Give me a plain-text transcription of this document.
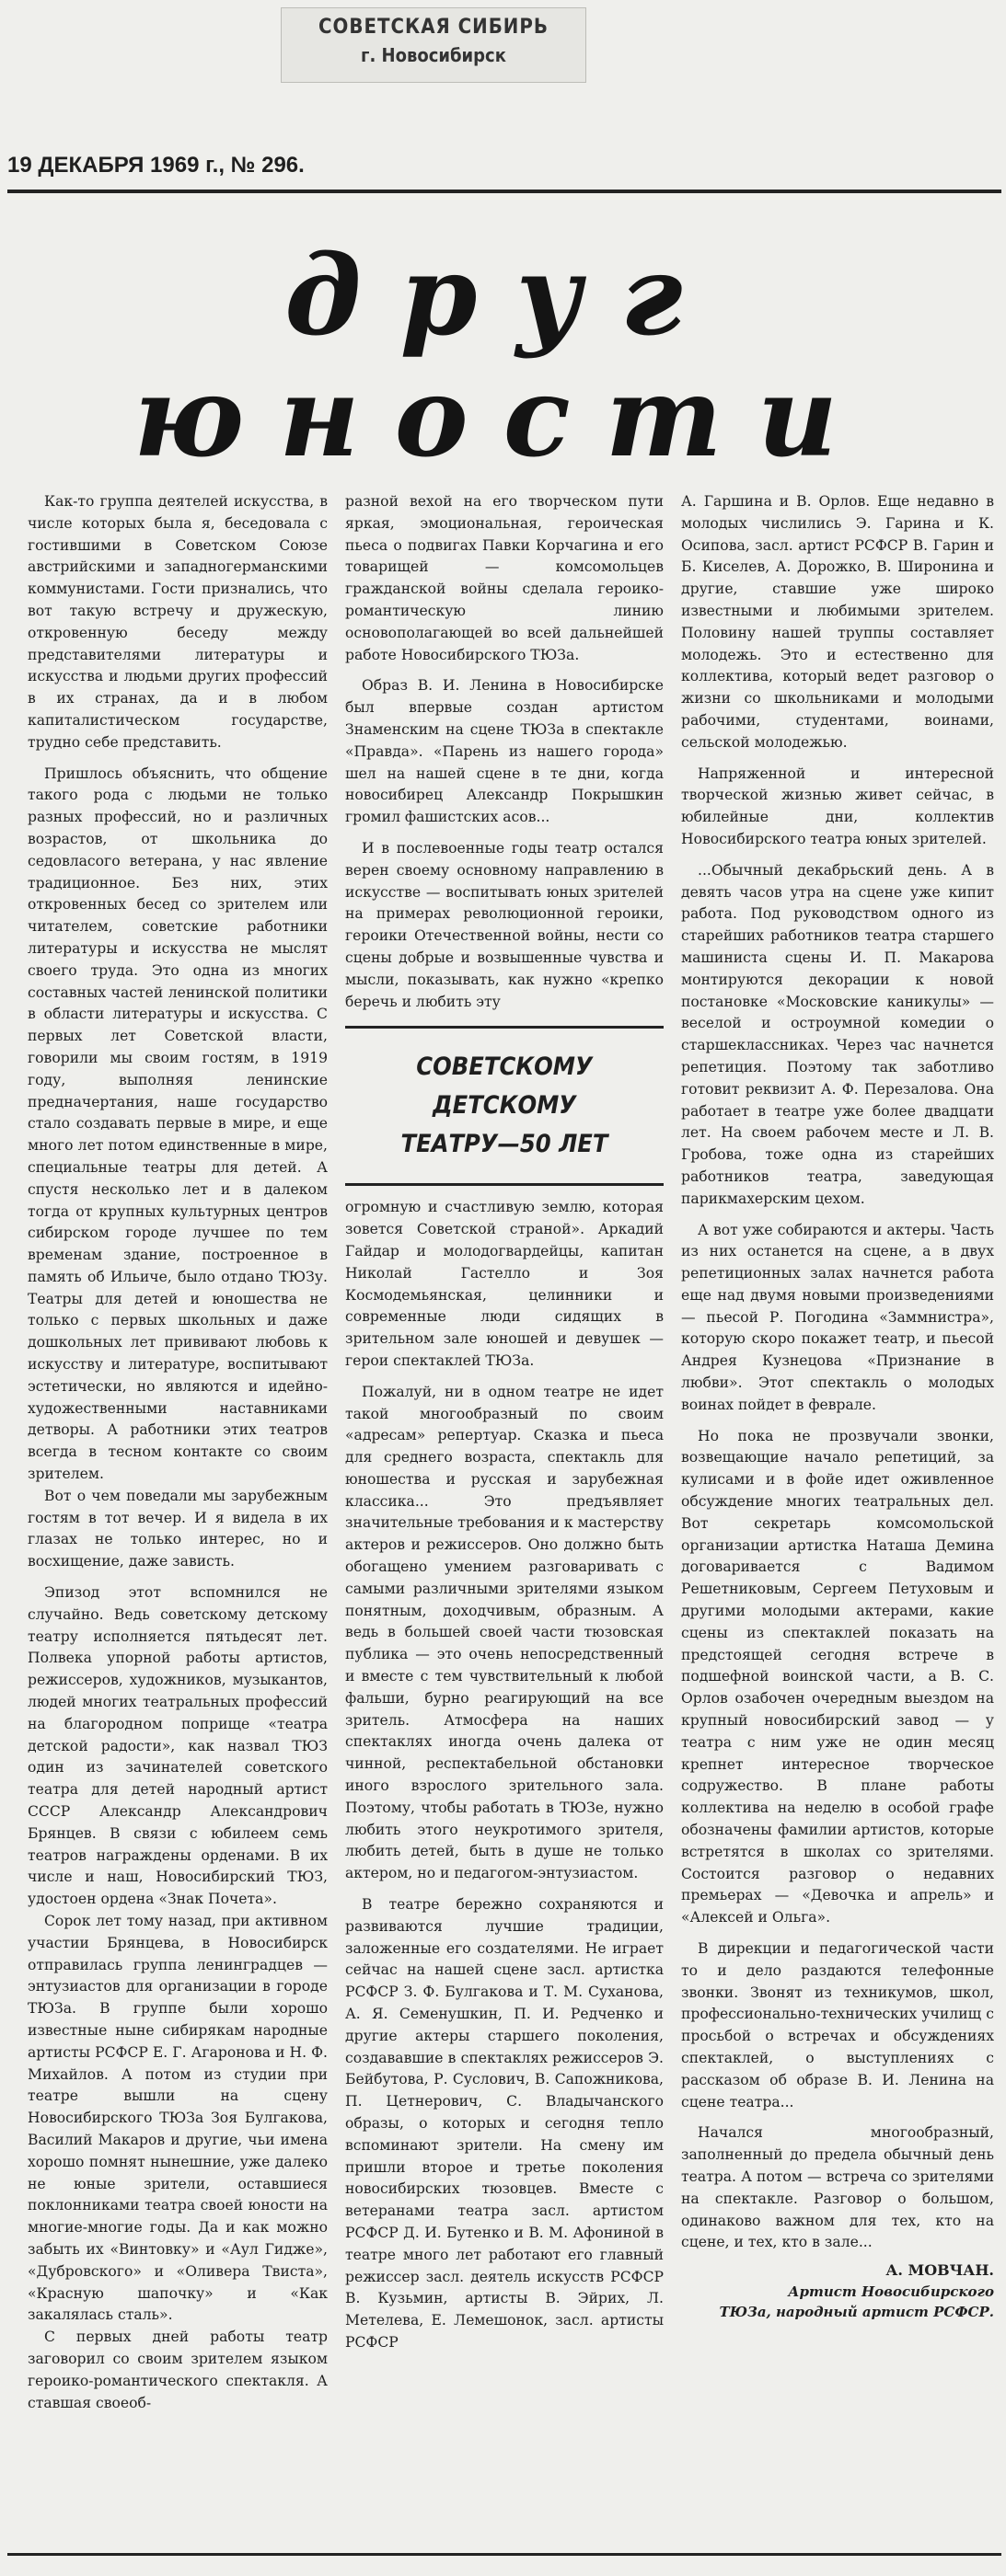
СОВЕТСКАЯ СИБИРЬ
г. Новосибирск
19 ДЕКАБРЯ 1969 г., № 296.
друг
юности

Как-то группа деятелей искусства, в числе которых была я, беседовала с гостившими в Советском Союзе австрийскими и западногерманскими коммунистами. Гости признались, что вот такую встречу и дружескую, откровенную беседу между представителями литературы и искусства и людьми других профессий в их странах, да и в любом капиталистическом государстве, трудно себе представить.

Пришлось объяснить, что общение такого рода с людьми не только разных профессий, но и различных возрастов, от школьника до седовласого ветерана, у нас явление традиционное. Без них, этих откровенных бесед со зрителем или читателем, советские работники литературы и искусства не мыслят своего труда. Это одна из многих составных частей ленинской политики в области литературы и искусства. С первых лет Советской власти, говорили мы своим гостям, в 1919 году, выполняя ленинские предначертания, наше государство стало создавать первые в мире, и еще много лет потом единственные в мире, специальные театры для детей. А спустя несколько лет и в далеком тогда от крупных культурных центров сибирском городе лучшее по тем временам здание, построенное в память об Ильиче, было отдано ТЮЗу. Театры для детей и юношества не только с первых школьных и даже дошкольных лет прививают любовь к искусству и литературе, воспитывают эстетически, но являются и идейно-художественными наставниками детворы. А работники этих театров всегда в тесном контакте со своим зрителем.

Вот о чем поведали мы зарубежным гостям в тот вечер. И я видела в их глазах не только интерес, но и восхищение, даже зависть.

Эпизод этот вспомнился не случайно. Ведь советскому детскому театру исполняется пятьдесят лет. Полвека упорной работы артистов, режиссеров, художников, музыкантов, людей многих театральных профессий на благородном поприще «театра детской радости», как назвал ТЮЗ один из зачинателей советского театра для детей народный артист СССР Александр Александрович Брянцев. В связи с юбилеем семь театров награждены орденами. В их числе и наш, Новосибирский ТЮЗ, удостоен ордена «Знак Почета».

Сорок лет тому назад, при активном участии Брянцева, в Новосибирск отправилась группа ленинградцев — энтузиастов для организации в городе ТЮЗа. В группе были хорошо известные ныне сибирякам народные артисты РСФСР Е. Г. Агаронова и Н. Ф. Михайлов. А потом из студии при театре вышли на сцену Новосибирского ТЮЗа Зоя Булгакова, Василий Макаров и другие, чьи имена хорошо помнят нынешние, уже далеко не юные зрители, оставшиеся поклонниками театра своей юности на многие-многие годы. Да и как можно забыть их «Винтовку» и «Аул Гидже», «Дубровского» и «Оливера Твиста», «Красную шапочку» и «Как закалялась сталь».

С первых дней работы театр заговорил со своим зрителем языком героико-романтического спектакля. А ставшая своеоб-

разной вехой на его творческом пути яркая, эмоциональная, героическая пьеса о подвигах Павки Корчагина и его товарищей — комсомольцев гражданской войны сделала героико-романтическую линию основополагающей во всей дальнейшей работе Новосибирского ТЮЗа.

Образ В. И. Ленина в Новосибирске был впервые создан артистом Знаменским на сцене ТЮЗа в спектакле «Правда». «Парень из нашего города» шел на нашей сцене в те дни, когда новосибирец Александр Покрышкин громил фашистских асов...

И в послевоенные годы театр остался верен своему основному направлению в искусстве — воспитывать юных зрителей на примерах революционной героики, героики Отечественной войны, нести со сцены добрые и возвышенные чувства и мысли, показывать, как нужно «крепко беречь и любить эту

СОВЕТСКОМУ ДЕТСКОМУ
ТЕАТРУ—50 ЛЕТ

огромную и счастливую землю, которая зовется Советской страной». Аркадий Гайдар и молодогвардейцы, капитан Николай Гастелло и Зоя Космодемьянская, целинники и современные люди сидящих в зрительном зале юношей и девушек — герои спектаклей ТЮЗа.

Пожалуй, ни в одном театре не идет такой многообразный по своим «адресам» репертуар. Сказка и пьеса для среднего возраста, спектакль для юношества и русская и зарубежная классика... Это предъявляет значительные требования и к мастерству актеров и режиссеров. Оно должно быть обогащено умением разговаривать с самыми различными зрителями языком понятным, доходчивым, образным. А ведь в большей своей части тюзовская публика — это очень непосредственный и вместе с тем чувствительный к любой фальши, бурно реагирующий на все зритель. Атмосфера на наших спектаклях иногда очень далека от чинной, респектабельной обстановки иного взрослого зрительного зала. Поэтому, чтобы работать в ТЮЗе, нужно любить этого неукротимого зрителя, любить детей, быть в душе не только актером, но и педагогом-энтузиастом.

В театре бережно сохраняются и развиваются лучшие традиции, заложенные его создателями. Не играет сейчас на нашей сцене засл. артистка РСФСР З. Ф. Булгакова и Т. М. Суханова, А. Я. Семенушкин, П. И. Редченко и другие актеры старшего поколения, создававшие в спектаклях режиссеров Э. Бейбутова, Р. Суслович, В. Сапожникова, П. Цетнерович, С. Владычанского образы, о которых и сегодня тепло вспоминают зрители. На смену им пришли второе и третье поколения новосибирских тюзовцев. Вместе с ветеранами театра засл. артистом РСФСР Д. И. Бутенко и В. М. Афониной в театре много лет работают его главный режиссер засл. деятель искусств РСФСР В. Кузьмин, артисты В. Эйрих, Л. Метелева, Е. Лемешонок, засл. артисты РСФСР

А. Гаршина и В. Орлов. Еще недавно в молодых числились Э. Гарина и К. Осипова, засл. артист РСФСР В. Гарин и Б. Киселев, А. Дорожко, В. Широнина и другие, ставшие уже широко известными и любимыми зрителем. Половину нашей труппы составляет молодежь. Это и естественно для коллектива, который ведет разговор о жизни со школьниками и молодыми рабочими, студентами, воинами, сельской молодежью.

Напряженной и интересной творческой жизнью живет сейчас, в юбилейные дни, коллектив Новосибирского театра юных зрителей.

...Обычный декабрьский день. А в девять часов утра на сцене уже кипит работа. Под руководством одного из старейших работников театра старшего машиниста сцены И. П. Макарова монтируются декорации к новой постановке «Московские каникулы» — веселой и остроумной комедии о старшеклассниках. Через час начнется репетиция. Поэтому так заботливо готовит реквизит А. Ф. Перезалова. Она работает в театре уже более двадцати лет. На своем рабочем месте и Л. В. Гробова, тоже одна из старейших работников театра, заведующая парикмахерским цехом.

А вот уже собираются и актеры. Часть из них останется на сцене, а в двух репетиционных залах начнется работа еще над двумя новыми произведениями — пьесой Р. Погодина «Заммнистра», которую скоро покажет театр, и пьесой Андрея Кузнецова «Признание в любви». Этот спектакль о молодых воинах пойдет в феврале.

Но пока не прозвучали звонки, возвещающие начало репетиций, за кулисами и в фойе идет оживленное обсуждение многих театральных дел. Вот секретарь комсомольской организации артистка Наташа Демина договаривается с Вадимом Решетниковым, Сергеем Петуховым и другими молодыми актерами, какие сцены из спектаклей показать на предстоящей сегодня встрече в подшефной воинской части, а В. С. Орлов озабочен очередным выездом на крупный новосибирский завод — у театра с ним уже не один месяц крепнет интересное творческое содружество. В плане работы коллектива на неделю в особой графе обозначены фамилии артистов, которые встретятся в школах со зрителями. Состоится разговор о недавних премьерах — «Девочка и апрель» и «Алексей и Ольга».

В дирекции и педагогической части то и дело раздаются телефонные звонки. Звонят из техникумов, школ, профессионально-технических училищ с просьбой о встречах и обсуждениях спектаклей, о выступлениях с рассказом об образе В. И. Ленина на сцене театра...

Начался многообразный, заполненный до предела обычный день театра. А потом — встреча со зрителями на спектакле. Разговор о большом, одинаково важном для тех, кто на сцене, и тех, кто в зале...

А. МОВЧАН.
Артист Новосибирского
ТЮЗа, народный артист РСФСР.
